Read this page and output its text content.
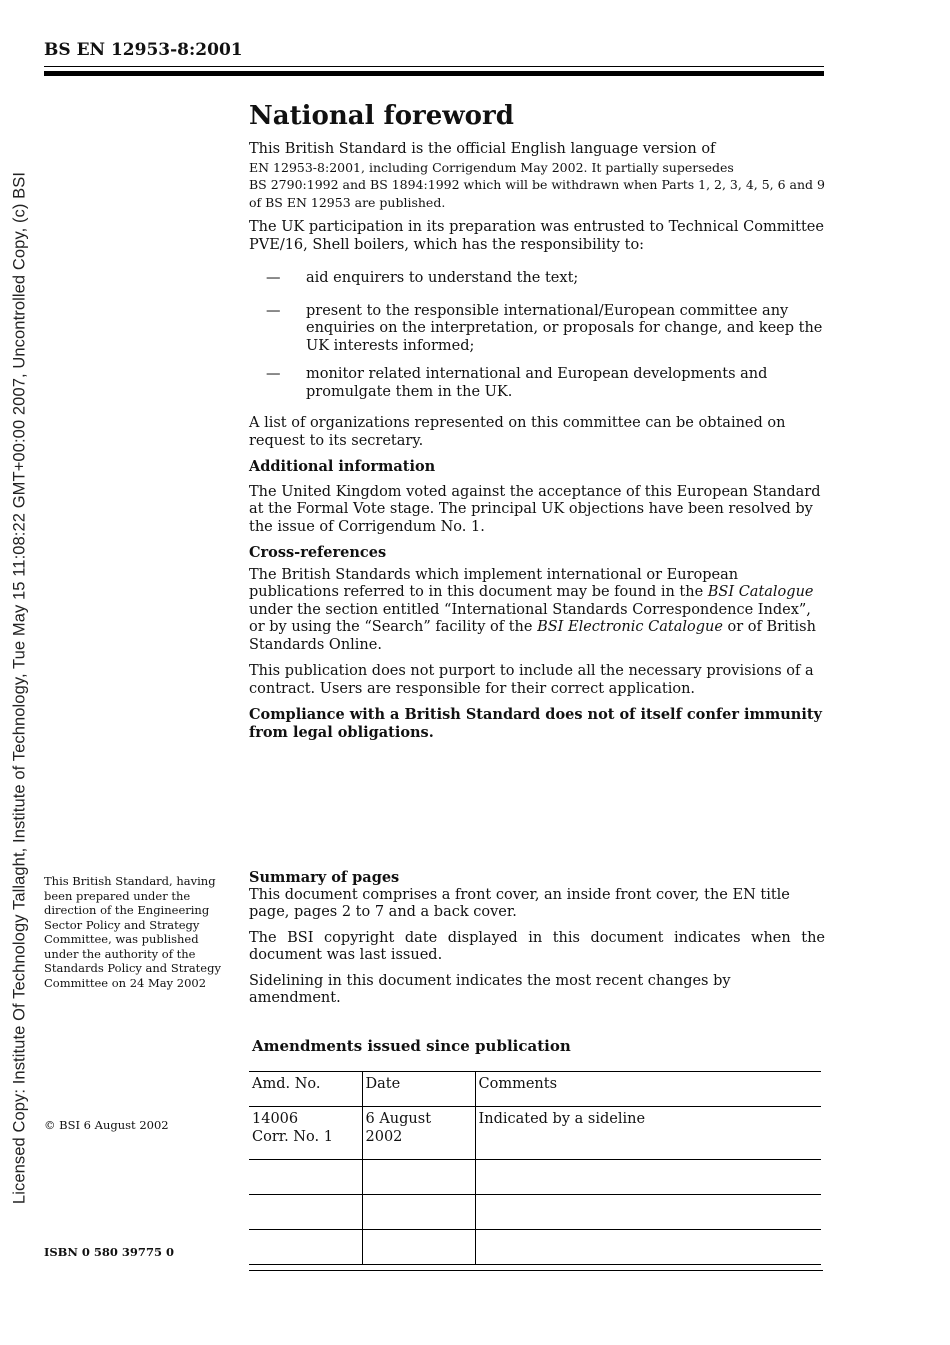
Licensed Copy: Institute Of Technology Tallaght, Institute of Technology, Tue May 15 11:08:22 GMT+00:00 2007, Uncontrolled Copy, (c) BSI
BS EN 12953-8:2001
National foreword

This British Standard is the official English language version of

EN 12953-8:2001, including Corrigendum May 2002. It partially supersedes

BS 2790:1992 and BS 1894:1992 which will be withdrawn when Parts 1, 2, 3, 4, 5, 6 and 9 of BS EN 12953 are published.

The UK participation in its preparation was entrusted to Technical Committee PVE/16, Shell boilers, which has the responsibility to:

—	aid enquirers to understand the text;
—	present to the responsible international/European committee any enquiries on the interpretation, or proposals for change, and keep the UK interests informed;
—	monitor related international and European developments and promulgate them in the UK.

A list of organizations represented on this committee can be obtained on request to its secretary.

Additional information

The United Kingdom voted against the acceptance of this European Standard at the Formal Vote stage. The principal UK objections have been resolved by the issue of Corrigendum No. 1.

Cross-references

The British Standards which implement international or European publications referred to in this document may be found in the BSI Catalogue under the section entitled “International Standards Correspondence Index”, or by using the “Search” facility of the BSI Electronic Catalogue or of British Standards Online.

This publication does not purport to include all the necessary provisions of a contract. Users are responsible for their correct application.

Compliance with a British Standard does not of itself confer immunity from legal obligations.

Summary of pages

This document comprises a front cover, an inside front cover, the EN title page, pages 2 to 7 and a back cover.

The BSI copyright date displayed in this document indicates when the document was last issued.

Sidelining in this document indicates the most recent changes by amendment.

This British Standard, having been prepared under the direction of the Engineering Sector Policy and Strategy Committee, was published under the authority of the Standards Policy and Strategy Committee on 24 May 2002
© BSI 6 August 2002
ISBN 0 580 39775 0
Amendments issued since publication
Amd. No.	Date	Comments

14006
Corr. No. 1	6 August 2002	Indicated by a sideline
